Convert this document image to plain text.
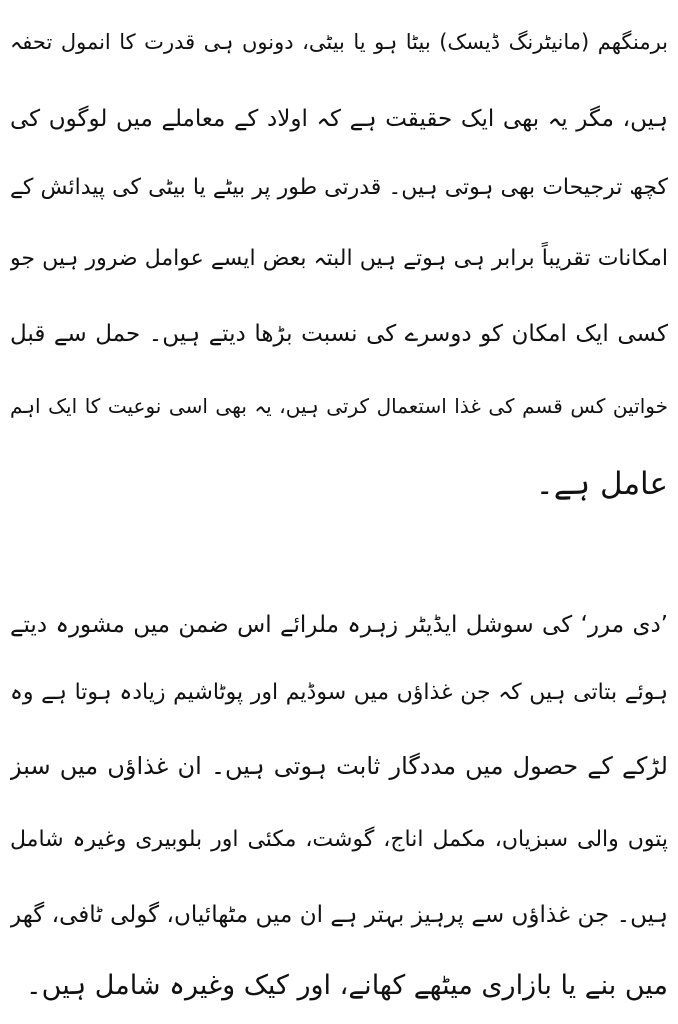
برمنگھم (مانیٹرنگ ڈیسک) بیٹا ہو یا بیٹی، دونوں ہی قدرت کا انمول تحفہ
ہیں، مگر یہ بھی ایک حقیقت ہے کہ اولاد کے معاملے میں لوگوں کی
کچھ ترجیحات بھی ہوتی ہیں۔ قدرتی طور پر بیٹے یا بیٹی کی پیدائش کے
امکانات تقریباً برابر ہی ہوتے ہیں البتہ بعض ایسے عوامل ضرور ہیں جو
کسی ایک امکان کو دوسرے کی نسبت بڑھا دیتے ہیں۔ حمل سے قبل
خواتین کس قسم کی غذا استعمال کرتی ہیں، یہ بھی اسی نوعیت کا ایک اہم
عامل ہے۔
’دی مرر‘ کی سوشل ایڈیٹر زہرہ ملرائے اس ضمن میں مشورہ دیتے
ہوئے بتاتی ہیں کہ جن غذاؤں میں سوڈیم اور پوٹاشیم زیادہ ہوتا ہے وہ
لڑکے کے حصول میں مددگار ثابت ہوتی ہیں۔ ان غذاؤں میں سبز
پتوں والی سبزیاں، مکمل اناج، گوشت، مکئی اور بلوبیری وغیرہ شامل
ہیں۔ جن غذاؤں سے پرہیز بہتر ہے ان میں مٹھائیاں، گولی ٹافی، گھر
میں بنے یا بازاری میٹھے کھانے، اور کیک وغیرہ شامل ہیں۔
